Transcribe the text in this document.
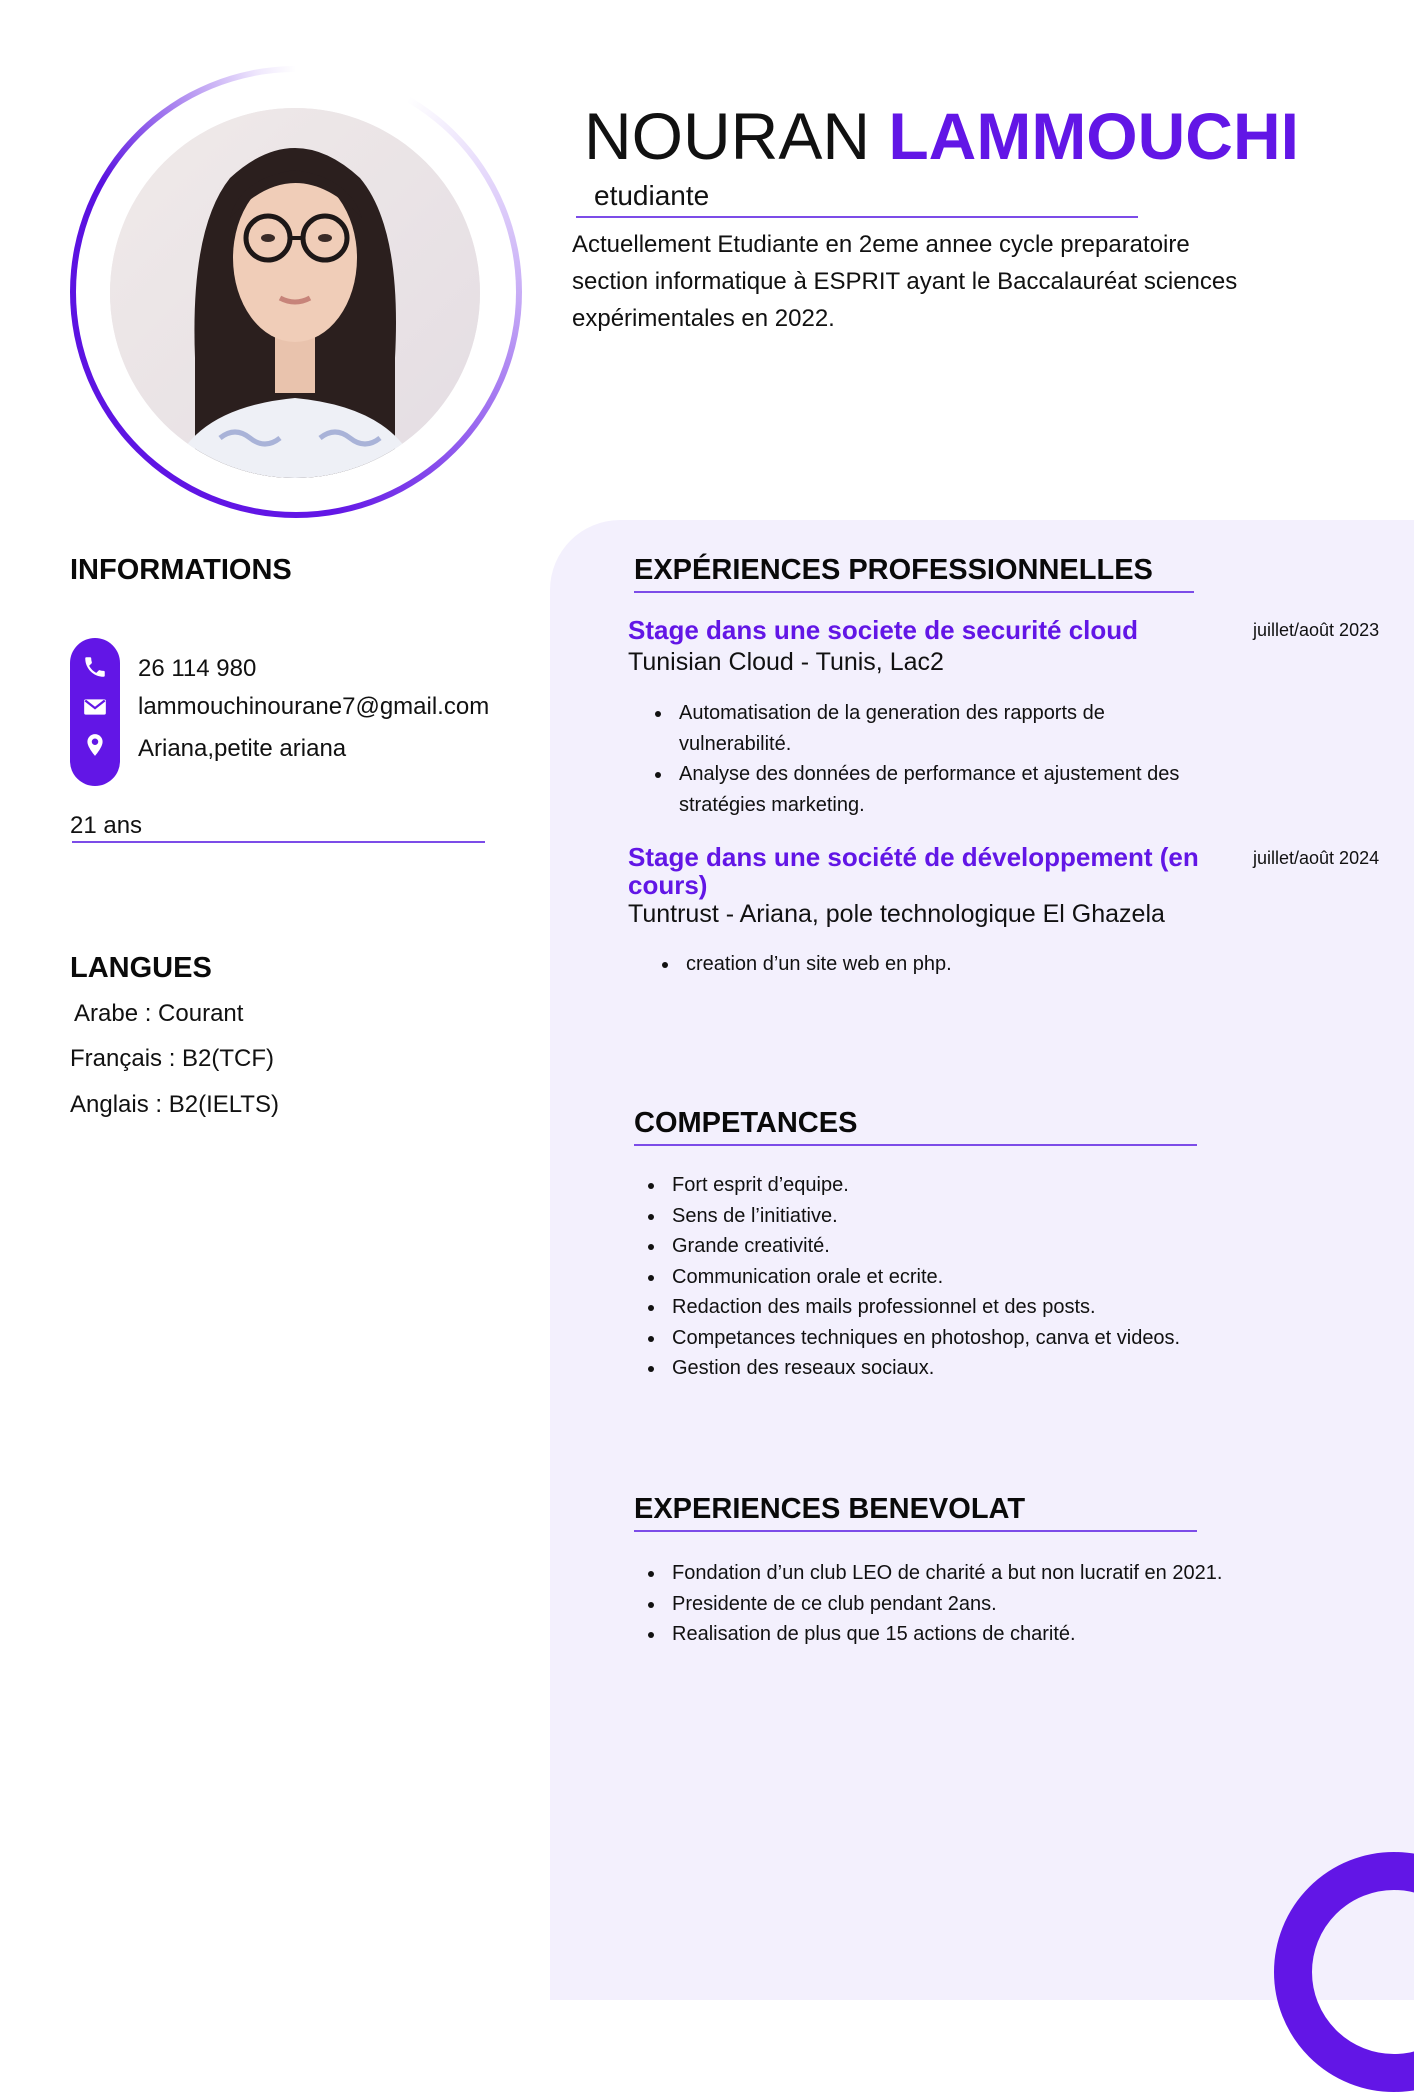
NOURAN LAMMOUCHI
etudiante
Actuellement Etudiante en 2eme annee cycle preparatoire section informatique à ESPRIT ayant le Baccalauréat sciences expérimentales en 2022.
INFORMATIONS
26 114 980
lammouchinourane7@gmail.com
Ariana,petite ariana
21 ans
LANGUES
Arabe : Courant
Français : B2(TCF)
Anglais : B2(IELTS)
EXPÉRIENCES PROFESSIONNELLES
Stage dans une societe de securité cloud	juillet/août 2023
Tunisian Cloud - Tunis, Lac2
• Automatisation de la generation des rapports de vulnerabilité.
• Analyse des données de performance et ajustement des stratégies marketing.
Stage dans une société de développement (en cours)
juillet/août 2024
Tuntrust - Ariana, pole technologique El Ghazela
• creation d’un site web en php.
COMPETANCES
• Fort esprit d’equipe.
• Sens de l’initiative.
• Grande creativité.
• Communication orale et ecrite.
• Redaction des mails professionnel et des posts.
• Competances techniques en photoshop, canva et videos.
• Gestion des reseaux sociaux.
EXPERIENCES BENEVOLAT
• Fondation d’un club LEO de charité a but non lucratif en 2021.
• Presidente de ce club pendant 2ans.
• Realisation de plus que 15 actions de charité.
